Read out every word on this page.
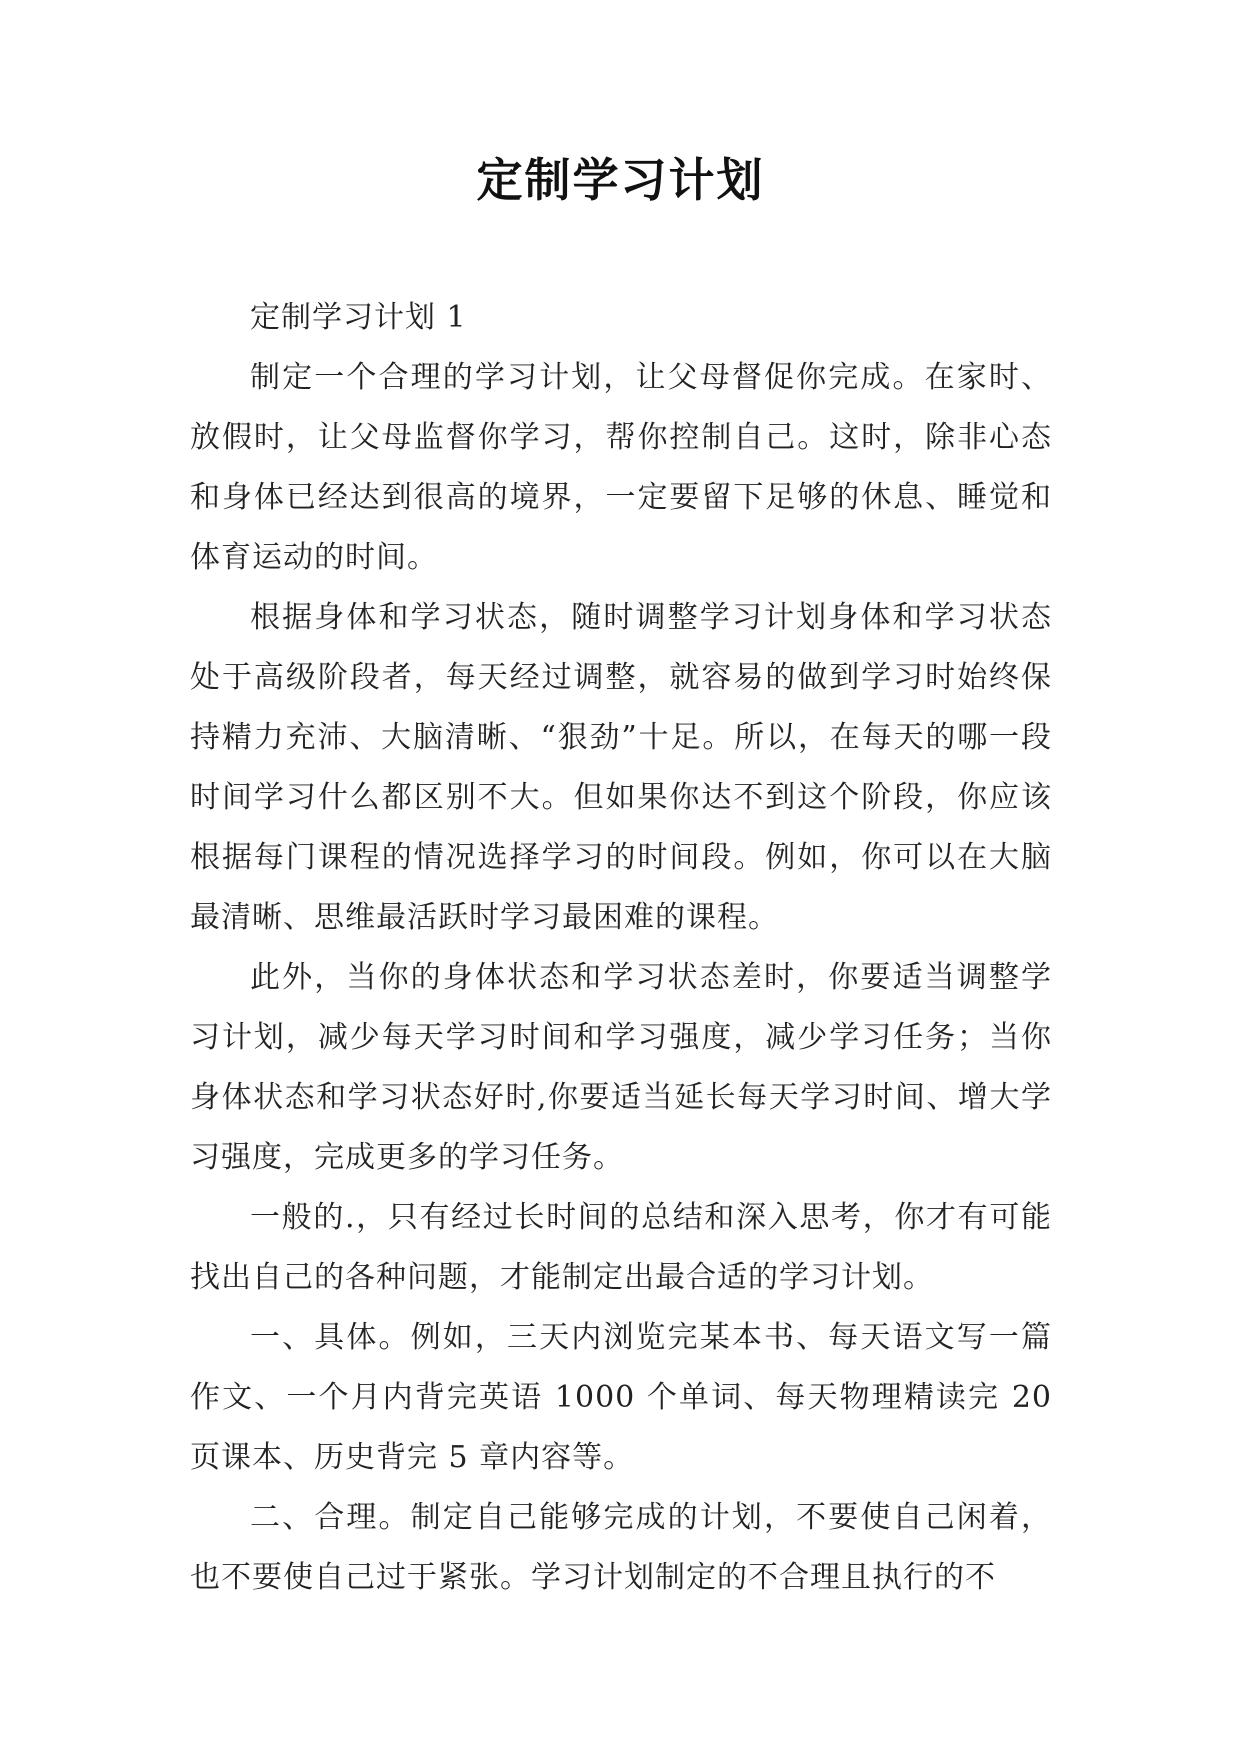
定制学习计划

定制学习计划 1

制定一个合理的学习计划，让父母督促你完成。在家时、放假时，让父母监督你学习，帮你控制自己。这时，除非心态和身体已经达到很高的境界，一定要留下足够的休息、睡觉和体育运动的时间。

根据身体和学习状态，随时调整学习计划身体和学习状态处于高级阶段者，每天经过调整，就容易的做到学习时始终保持精力充沛、大脑清晰、“狠劲”十足。所以，在每天的哪一段时间学习什么都区别不大。但如果你达不到这个阶段，你应该根据每门课程的情况选择学习的时间段。例如，你可以在大脑最清晰、思维最活跃时学习最困难的课程。

此外，当你的身体状态和学习状态差时，你要适当调整学习计划，减少每天学习时间和学习强度，减少学习任务；当你身体状态和学习状态好时,你要适当延长每天学习时间、增大学习强度，完成更多的学习任务。

一般的.，只有经过长时间的总结和深入思考，你才有可能找出自己的各种问题，才能制定出最合适的学习计划。

一、具体。例如，三天内浏览完某本书、每天语文写一篇作文、一个月内背完英语 1000 个单词、每天物理精读完 20 页课本、历史背完 5 章内容等。

二、合理。制定自己能够完成的计划，不要使自己闲着，也不要使自己过于紧张。学习计划制定的不合理且执行的不
